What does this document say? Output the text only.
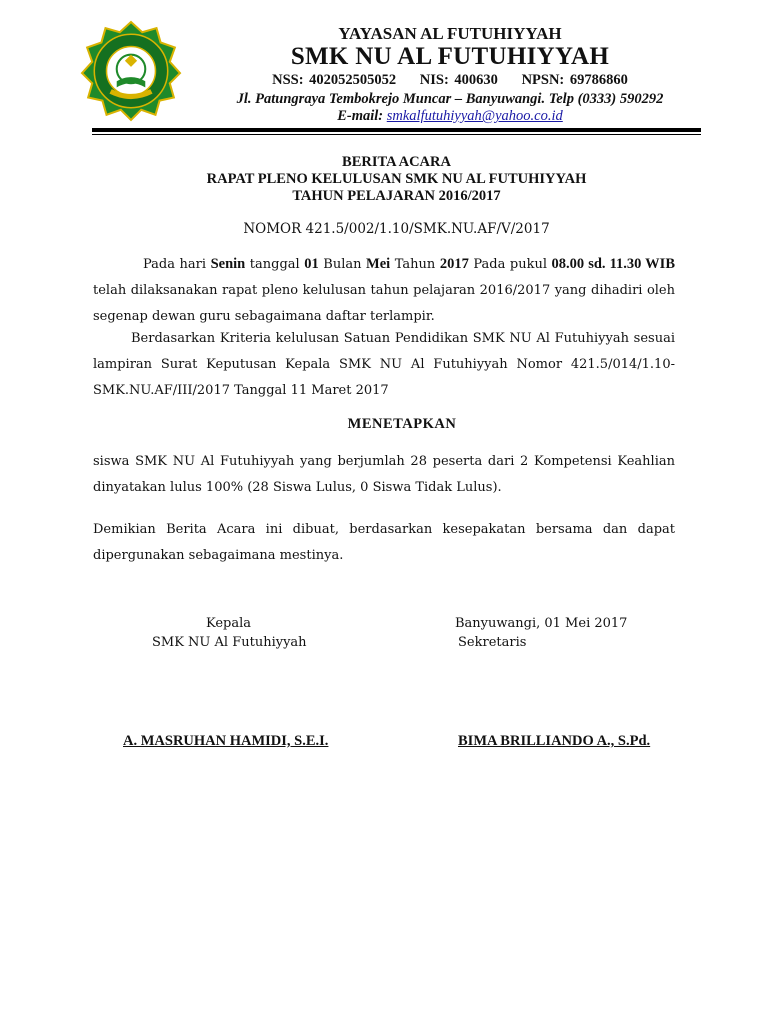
YAYASAN AL FUTUHIYYAH
SMK NU AL FUTUHIYYAH
NSS: 402052505052 NIS: 400630 NPSN: 69786860
Jl. Patungraya Tembokrejo Muncar – Banyuwangi. Telp (0333) 590292
E-mail: smkalfutuhiyyah@yahoo.co.id
BERITA ACARA
RAPAT PLENO KELULUSAN SMK NU AL FUTUHIYYAH
TAHUN PELAJARAN 2016/2017
NOMOR 421.5/002/1.10/SMK.NU.AF/V/2017
Pada hari Senin tanggal 01 Bulan Mei Tahun 2017 Pada pukul 08.00 sd. 11.30 WIB telah dilaksanakan rapat pleno kelulusan tahun pelajaran 2016/2017 yang dihadiri oleh segenap dewan guru sebagaimana daftar terlampir.
Berdasarkan Kriteria kelulusan Satuan Pendidikan SMK NU Al Futuhiyyah sesuai lampiran Surat Keputusan Kepala SMK NU Al Futuhiyyah Nomor 421.5/014/1.10-SMK.NU.AF/III/2017 Tanggal 11 Maret 2017
MENETAPKAN
siswa SMK NU Al Futuhiyyah yang berjumlah 28 peserta dari 2 Kompetensi Keahlian dinyatakan lulus 100% (28 Siswa Lulus, 0 Siswa Tidak Lulus).
Demikian Berita Acara ini dibuat, berdasarkan kesepakatan bersama dan dapat dipergunakan sebagaimana mestinya.
Kepala
SMK NU Al Futuhiyyah
Banyuwangi, 01 Mei 2017
Sekretaris
A. MASRUHAN HAMIDI, S.E.I.	BIMA BRILLIANDO A., S.Pd.
